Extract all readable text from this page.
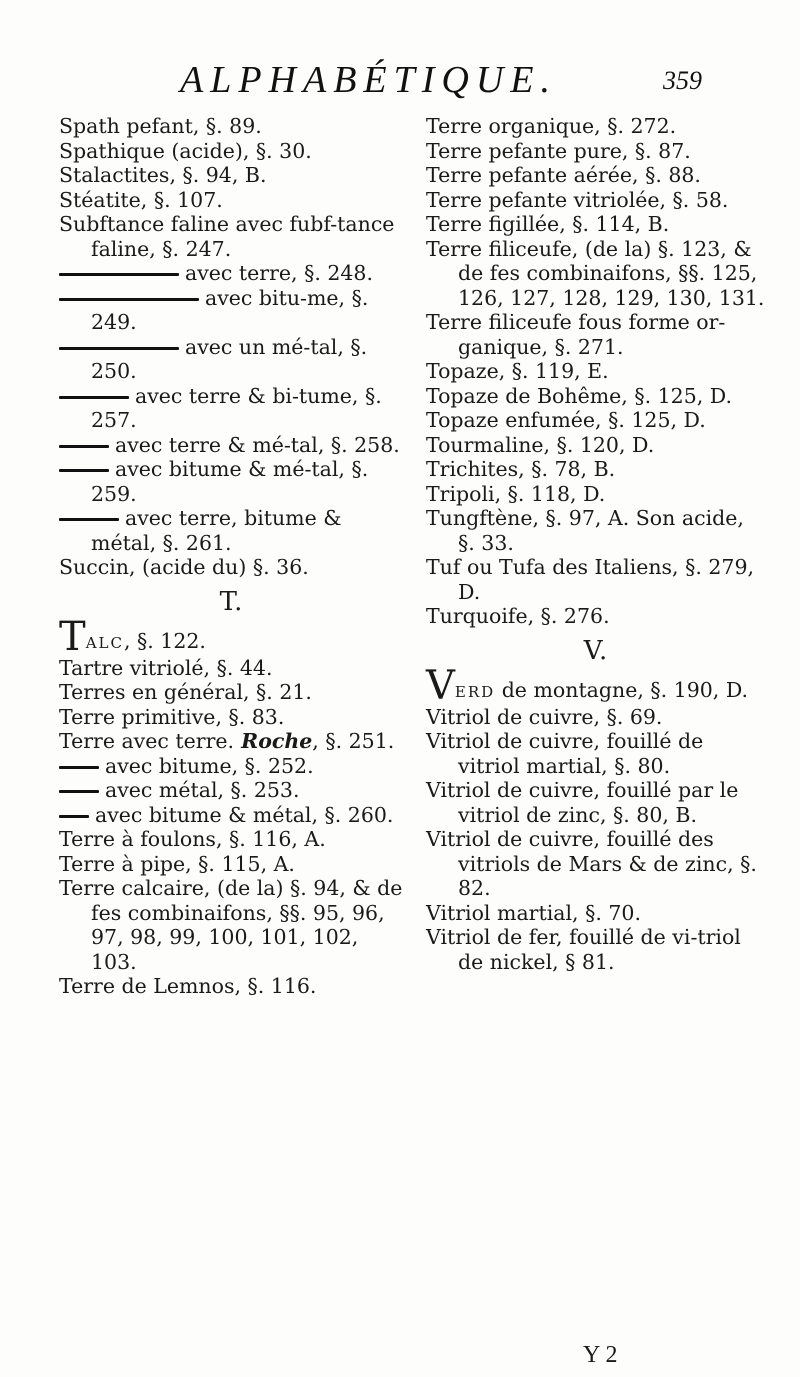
ALPHABÉTIQUE.	359
Spath pefant, §. 89.
Spathique (acide), §. 30.
Stalactites, §. 94, B.
Stéatite, §. 107.
Subftance faline avec fubf-tance faline, §. 247.
avec terre, §. 248.
avec bitu-me, §. 249.
avec un mé-tal, §. 250.
avec terre & bi-tume, §. 257.
avec terre & mé-tal, §. 258.
avec bitume & mé-tal, §. 259.
avec terre, bitume & métal, §. 261.
Succin, (acide du) §. 36.
T.
TALC, §. 122.
Tartre vitriolé, §. 44.
Terres en général, §. 21.
Terre primitive, §. 83.
Terre avec terre. Roche, §. 251.
avec bitume, §. 252.
avec métal, §. 253.
avec bitume & métal, §. 260.
Terre à foulons, §. 116, A.
Terre à pipe, §. 115, A.
Terre calcaire, (de la) §. 94, & de fes combinaifons, §§. 95, 96, 97, 98, 99, 100, 101, 102, 103.
Terre de Lemnos, §. 116.
Terre organique, §. 272.
Terre pefante pure, §. 87.
Terre pefante aérée, §. 88.
Terre pefante vitriolée, §. 58.
Terre figillée, §. 114, B.
Terre filiceufe, (de la) §. 123, & de fes combinaifons, §§. 125, 126, 127, 128, 129, 130, 131.
Terre filiceufe fous forme or-ganique, §. 271.
Topaze, §. 119, E.
Topaze de Bohême, §. 125, D.
Topaze enfumée, §. 125, D.
Tourmaline, §. 120, D.
Trichites, §. 78, B.
Tripoli, §. 118, D.
Tungftène, §. 97, A. Son acide, §. 33.
Tuf ou Tufa des Italiens, §. 279, D.
Turquoife, §. 276.
V.
VERD de montagne, §. 190, D.
Vitriol de cuivre, §. 69.
Vitriol de cuivre, fouillé de vitriol martial, §. 80.
Vitriol de cuivre, fouillé par le vitriol de zinc, §. 80, B.
Vitriol de cuivre, fouillé des vitriols de Mars & de zinc, §. 82.
Vitriol martial, §. 70.
Vitriol de fer, fouillé de vi-triol de nickel, § 81.
Y 2
